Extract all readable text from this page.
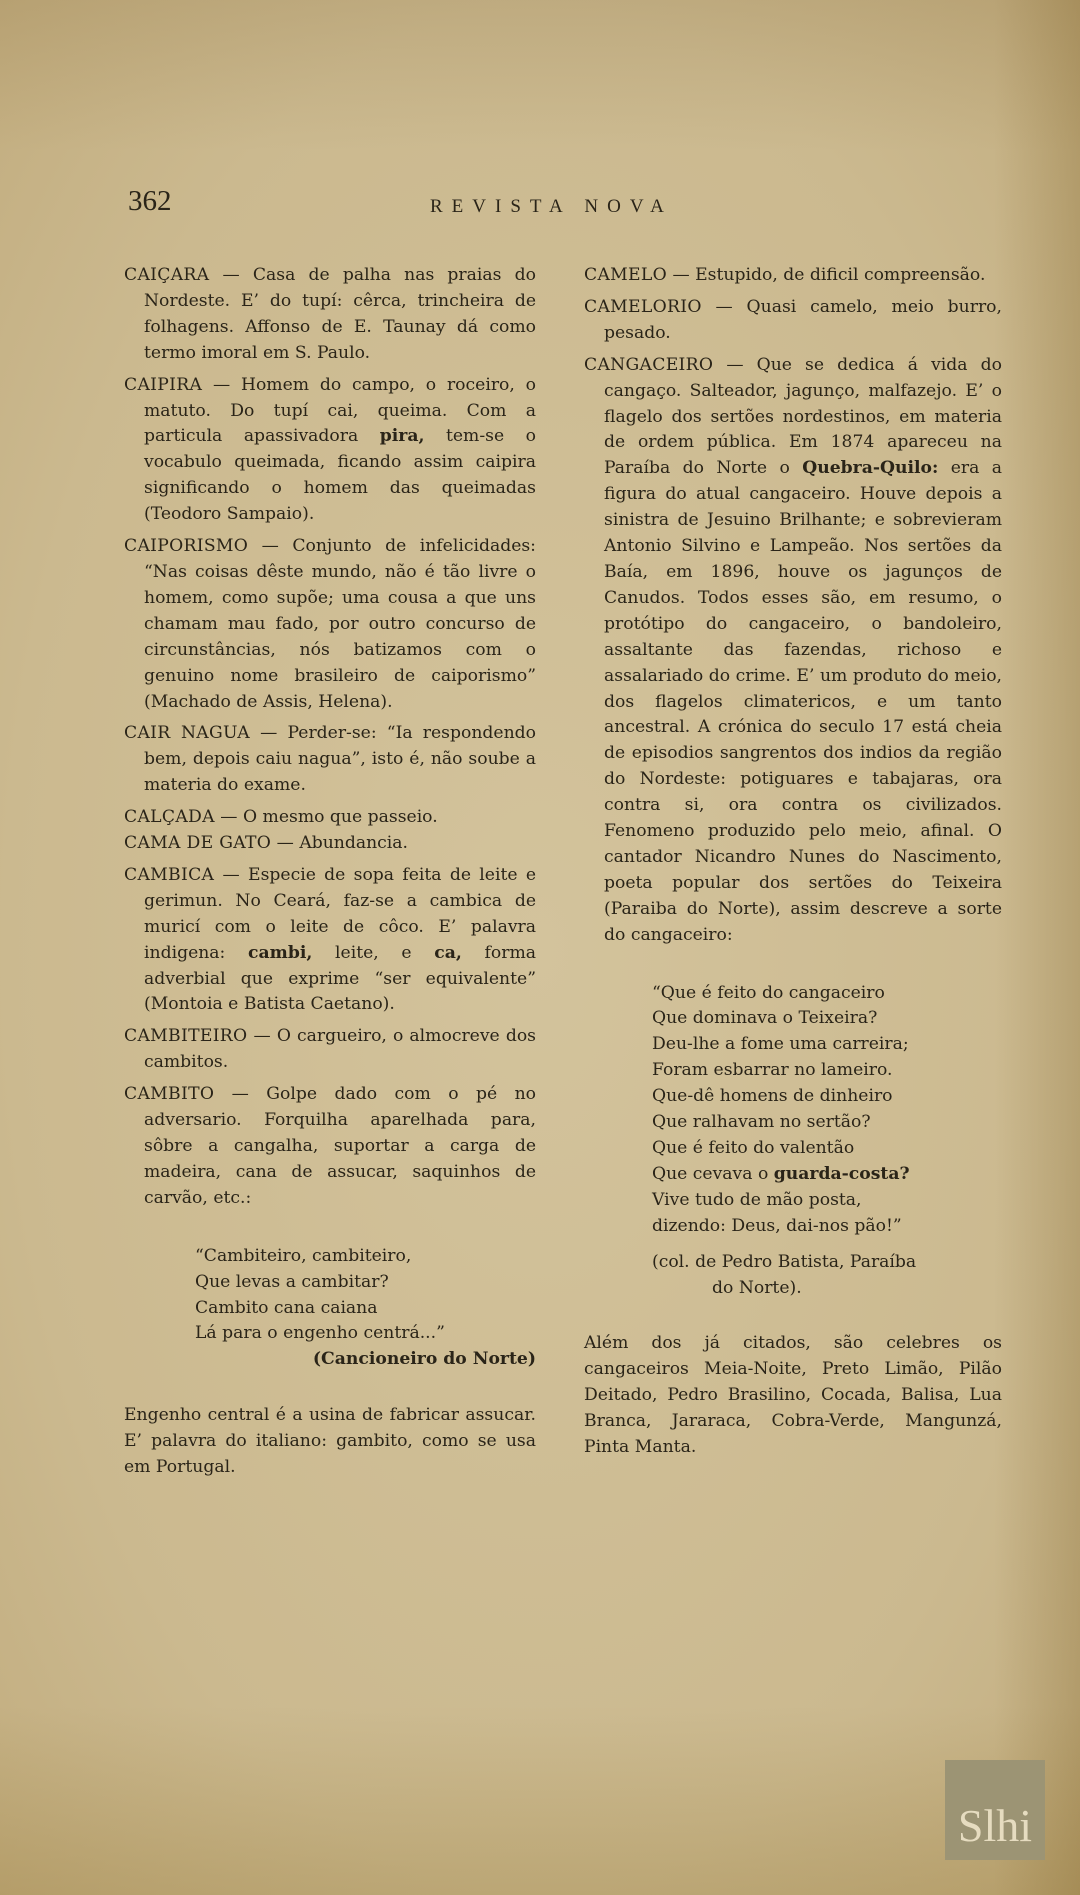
362	REVISTA NOVA

CAIÇARA — Casa de palha nas praias do Nordeste. E’ do tupí: cêrca, trincheira de folhagens. Affonso de E. Taunay dá como termo imoral em S. Paulo.

CAIPIRA — Homem do campo, o roceiro, o matuto. Do tupí cai, queima. Com a particula apassivadora pira, tem-se o vocabulo queimada, ficando assim caipira significando o homem das queimadas (Teodoro Sampaio).

CAIPORISMO — Conjunto de infelicidades: “Nas coisas dêste mundo, não é tão livre o homem, como supõe; uma cousa a que uns chamam mau fado, por outro concurso de circunstâncias, nós batizamos com o genuino nome brasileiro de caiporismo” (Machado de Assis, Helena).

CAIR NAGUA — Perder-se: “Ia respondendo bem, depois caiu nagua”, isto é, não soube a materia do exame.

CALÇADA — O mesmo que passeio.

CAMA DE GATO — Abundancia.

CAMBICA — Especie de sopa feita de leite e gerimun. No Ceará, faz-se a cambica de muricí com o leite de côco. E’ palavra indigena: cambi, leite, e ca, forma adverbial que exprime “ser equivalente” (Montoia e Batista Caetano).

CAMBITEIRO — O cargueiro, o almocreve dos cambitos.

CAMBITO — Golpe dado com o pé no adversario. Forquilha aparelhada para, sôbre a cangalha, suportar a carga de madeira, cana de assucar, saquinhos de carvão, etc.:

“Cambiteiro, cambiteiro,
Que levas a cambitar?
Cambito cana caiana
Lá para o engenho centrá...”
(Cancioneiro do Norte)

Engenho central é a usina de fabricar assucar. E’ palavra do italiano: gambito, como se usa em Portugal.

CAMELO — Estupido, de dificil compreensão.

CAMELORIO — Quasi camelo, meio burro, pesado.

CANGACEIRO — Que se dedica á vida do cangaço. Salteador, jagunço, malfazejo. E’ o flagelo dos sertões nordestinos, em materia de ordem pública. Em 1874 apareceu na Paraíba do Norte o Quebra-Quilo: era a figura do atual cangaceiro. Houve depois a sinistra de Jesuino Brilhante; e sobrevieram Antonio Silvino e Lampeão. Nos sertões da Baía, em 1896, houve os jagunços de Canudos. Todos esses são, em resumo, o protótipo do cangaceiro, o bandoleiro, assaltante das fazendas, richoso e assalariado do crime. E’ um produto do meio, dos flagelos climatericos, e um tanto ancestral. A crónica do seculo 17 está cheia de episodios sangrentos dos indios da região do Nordeste: potiguares e tabajaras, ora contra si, ora contra os civilizados. Fenomeno produzido pelo meio, afinal. O cantador Nicandro Nunes do Nascimento, poeta popular dos sertões do Teixeira (Paraiba do Norte), assim descreve a sorte do cangaceiro:

“Que é feito do cangaceiro
Que dominava o Teixeira?
Deu-lhe a fome uma carreira;
Foram esbarrar no lameiro.
Que-dê homens de dinheiro
Que ralhavam no sertão?
Que é feito do valentão
Que cevava o guarda-costa?
Vive tudo de mão posta,
dizendo: Deus, dai-nos pão!”
(col. de Pedro Batista, Paraíba
do Norte).

Além dos já citados, são celebres os cangaceiros Meia-Noite, Preto Limão, Pilão Deitado, Pedro Brasilino, Cocada, Balisa, Lua Branca, Jararaca, Cobra-Verde, Mangunzá, Pinta Manta.

Slhi
